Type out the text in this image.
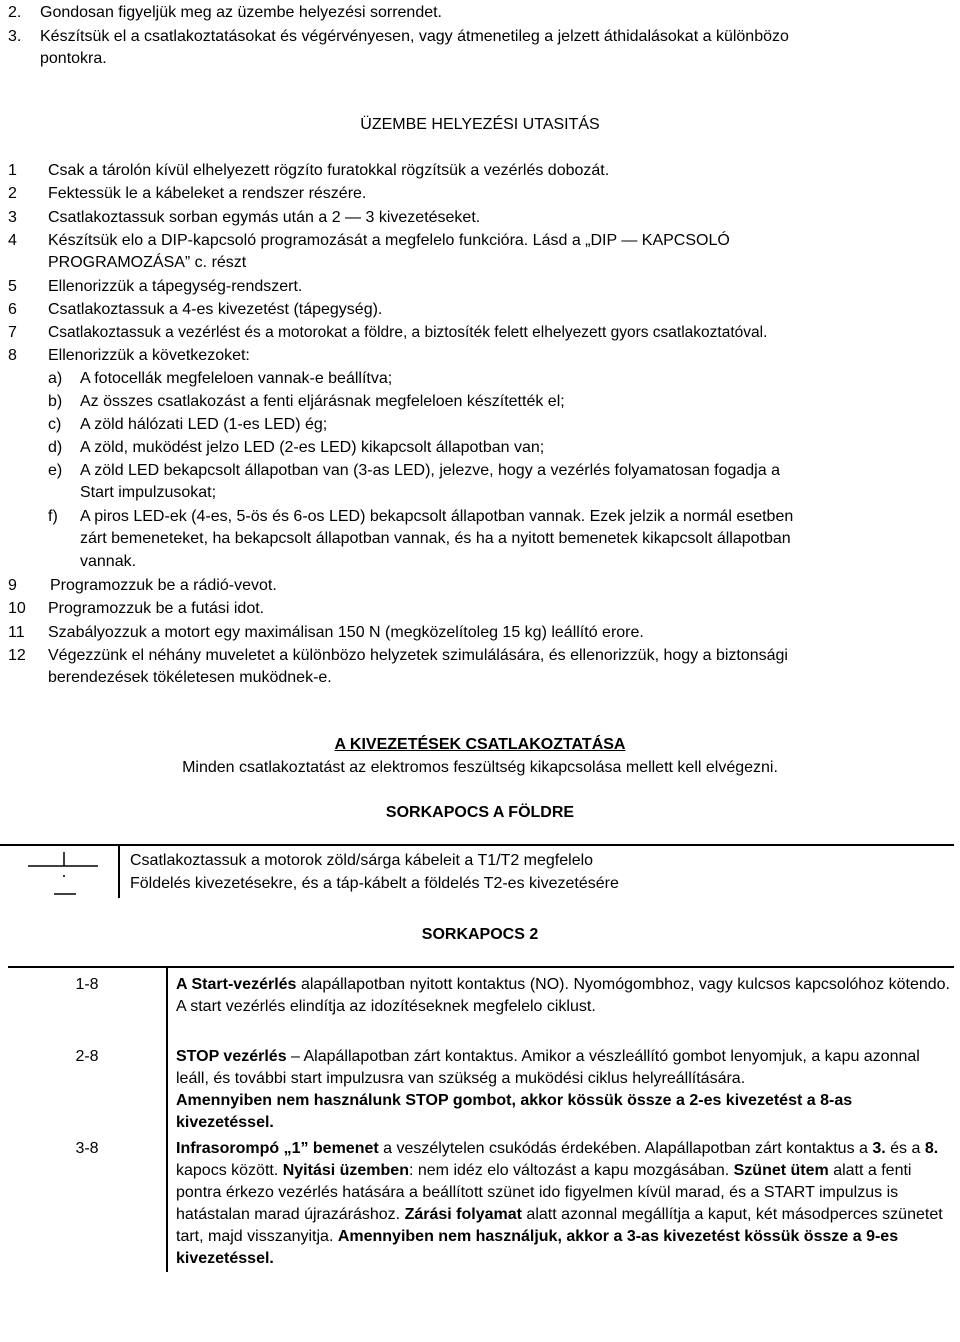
2. Gondosan figyeljük meg az üzembe helyezési sorrendet.
3. Készítsük el a csatlakoztatásokat és végérvényesen, vagy átmenetileg a jelzett áthidalásokat a különbözo
pontokra.
ÜZEMBE HELYEZÉSI UTASITÁS
1 Csak a tárolón kívül elhelyezett rögzíto furatokkal rögzítsük a vezérlés dobozát.
2 Fektessük le a kábeleket a rendszer részére.
3 Csatlakoztassuk sorban egymás után a 2 — 3 kivezetéseket.
4 Készítsük elo a DIP-kapcsoló programozását a megfelelo funkcióra. Lásd a „DIP — KAPCSOLÓ
PROGRAMOZÁSA” c. részt
5 Ellenorizzük a tápegység-rendszert.
6 Csatlakoztassuk a 4-es kivezetést (tápegység).
7 Csatlakoztassuk a vezérlést és a motorokat a földre, a biztosíték felett elhelyezett gyors csatlakoztatóval.
8 Ellenorizzük a következoket:
a) A fotocellák megfeleloen vannak-e beállítva;
b) Az összes csatlakozást a fenti eljárásnak megfeleloen készítették el;
c) A zöld hálózati LED (1-es LED) ég;
d) A zöld, muködést jelzo LED (2-es LED) kikapcsolt állapotban van;
e) A zöld LED bekapcsolt állapotban van (3-as LED), jelezve, hogy a vezérlés folyamatosan fogadja a
Start impulzusokat;
f) A piros LED-ek (4-es, 5-ös és 6-os LED) bekapcsolt állapotban vannak. Ezek jelzik a normál esetben
zárt bemeneteket, ha bekapcsolt állapotban vannak, és ha a nyitott bemenetek kikapcsolt állapotban
vannak.
9 Programozzuk be a rádió-vevot.
10 Programozzuk be a futási idot.
11 Szabályozzuk a motort egy maximálisan 150 N (megközelítoleg 15 kg) leállító erore.
12 Végezzünk el néhány muveletet a különbözo helyzetek szimulálására, és ellenorizzük, hogy a biztonsági
berendezések tökéletesen muködnek-e.
A KIVEZETÉSEK CSATLAKOZTATÁSA
Minden csatlakoztatást az elektromos feszültség kikapcsolása mellett kell elvégezni.
SORKAPOCS A FÖLDRE
Csatlakoztassuk a motorok zöld/sárga kábeleit a T1/T2 megfelelo
Földelés kivezetésekre, és a táp-kábelt a földelés T2-es kivezetésére
SORKAPOCS 2
1-8	A Start-vezérlés alapállapotban nyitott kontaktus (NO). Nyomógombhoz, vagy kulcsos kapcsolóhoz kötendo. A start vezérlés elindítja az idozítéseknek megfelelo ciklust.
2-8	STOP vezérlés – Alapállapotban zárt kontaktus. Amikor a vészleállító gombot lenyomjuk, a kapu azonnal leáll, és további start impulzusra van szükség a muködési ciklus helyreállítására.
Amennyiben nem használunk STOP gombot, akkor kössük össze a 2-es kivezetést a 8-as kivezetéssel.
3-8	Infrasorompó „1” bemenet a veszélytelen csukódás érdekében. Alapállapotban zárt kontaktus a 3. és a 8. kapocs között. Nyitási üzemben: nem idéz elo változást a kapu mozgásában. Szünet ütem alatt a fenti pontra érkezo vezérlés hatására a beállított szünet ido figyelmen kívül marad, és a START impulzus is hatástalan marad újrazáráshoz. Zárási folyamat alatt azonnal megállítja a kaput, két másodperces szünetet tart, majd visszanyitja. Amennyiben nem használjuk, akkor a 3-as kivezetést kössük össze a 9-es kivezetéssel.
